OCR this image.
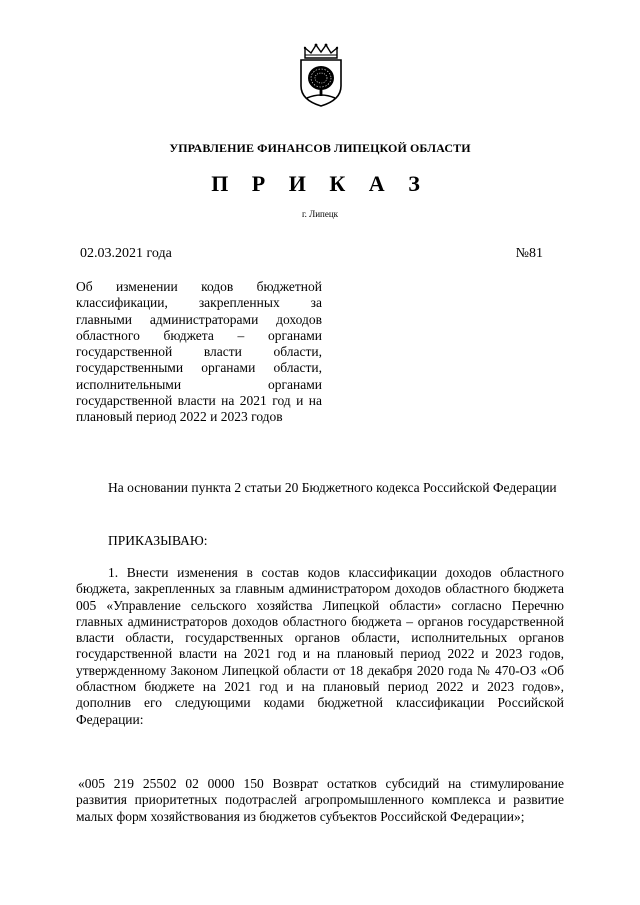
УПРАВЛЕНИЕ ФИНАНСОВ ЛИПЕЦКОЙ ОБЛАСТИ
П Р И К А З
г. Липецк
02.03.2021 года	№81
Об изменении кодов бюджетной классификации, закрепленных за главными администраторами доходов областного бюджета – органами государственной власти области, государственными органами области, исполнительными органами государственной власти на 2021 год и на плановый период 2022 и 2023 годов
На основании пункта 2 статьи 20 Бюджетного кодекса Российской Федерации
ПРИКАЗЫВАЮ:
1. Внести изменения в состав кодов классификации доходов областного бюджета, закрепленных за главным администратором доходов областного бюджета 005 «Управление сельского хозяйства Липецкой области» согласно Перечню главных администраторов доходов областного бюджета – органов государственной власти области, государственных органов области, исполнительных органов государственной власти на 2021 год и на плановый период 2022 и 2023 годов, утвержденному Законом Липецкой области от 18 декабря 2020 года № 470-ОЗ «Об областном бюджете на 2021 год и на плановый период 2022 и 2023 годов», дополнив его следующими кодами бюджетной классификации Российской Федерации:
«005 219 25502 02 0000 150 Возврат остатков субсидий на стимулирование развития приоритетных подотраслей агропромышленного комплекса и развитие малых форм хозяйствования из бюджетов субъектов Российской Федерации»;
